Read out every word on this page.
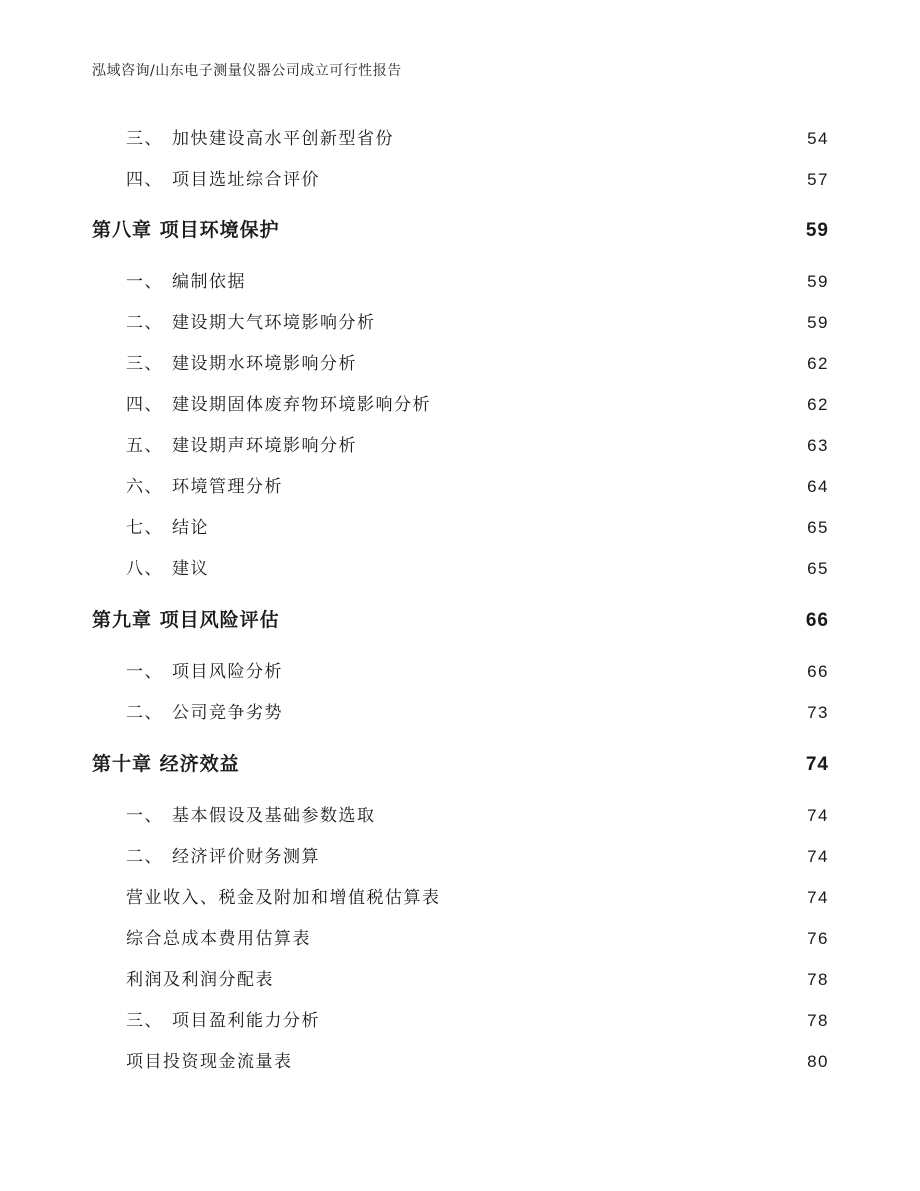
泓域咨询/山东电子测量仪器公司成立可行性报告
三、 加快建设高水平创新型省份	54
四、 项目选址综合评价	57
第八章 项目环境保护	59
一、 编制依据	59
二、 建设期大气环境影响分析	59
三、 建设期水环境影响分析	62
四、 建设期固体废弃物环境影响分析	62
五、 建设期声环境影响分析	63
六、 环境管理分析	64
七、 结论	65
八、 建议	65
第九章 项目风险评估	66
一、 项目风险分析	66
二、 公司竞争劣势	73
第十章 经济效益	74
一、 基本假设及基础参数选取	74
二、 经济评价财务测算	74
营业收入、税金及附加和增值税估算表	74
综合总成本费用估算表	76
利润及利润分配表	78
三、 项目盈利能力分析	78
项目投资现金流量表	80
